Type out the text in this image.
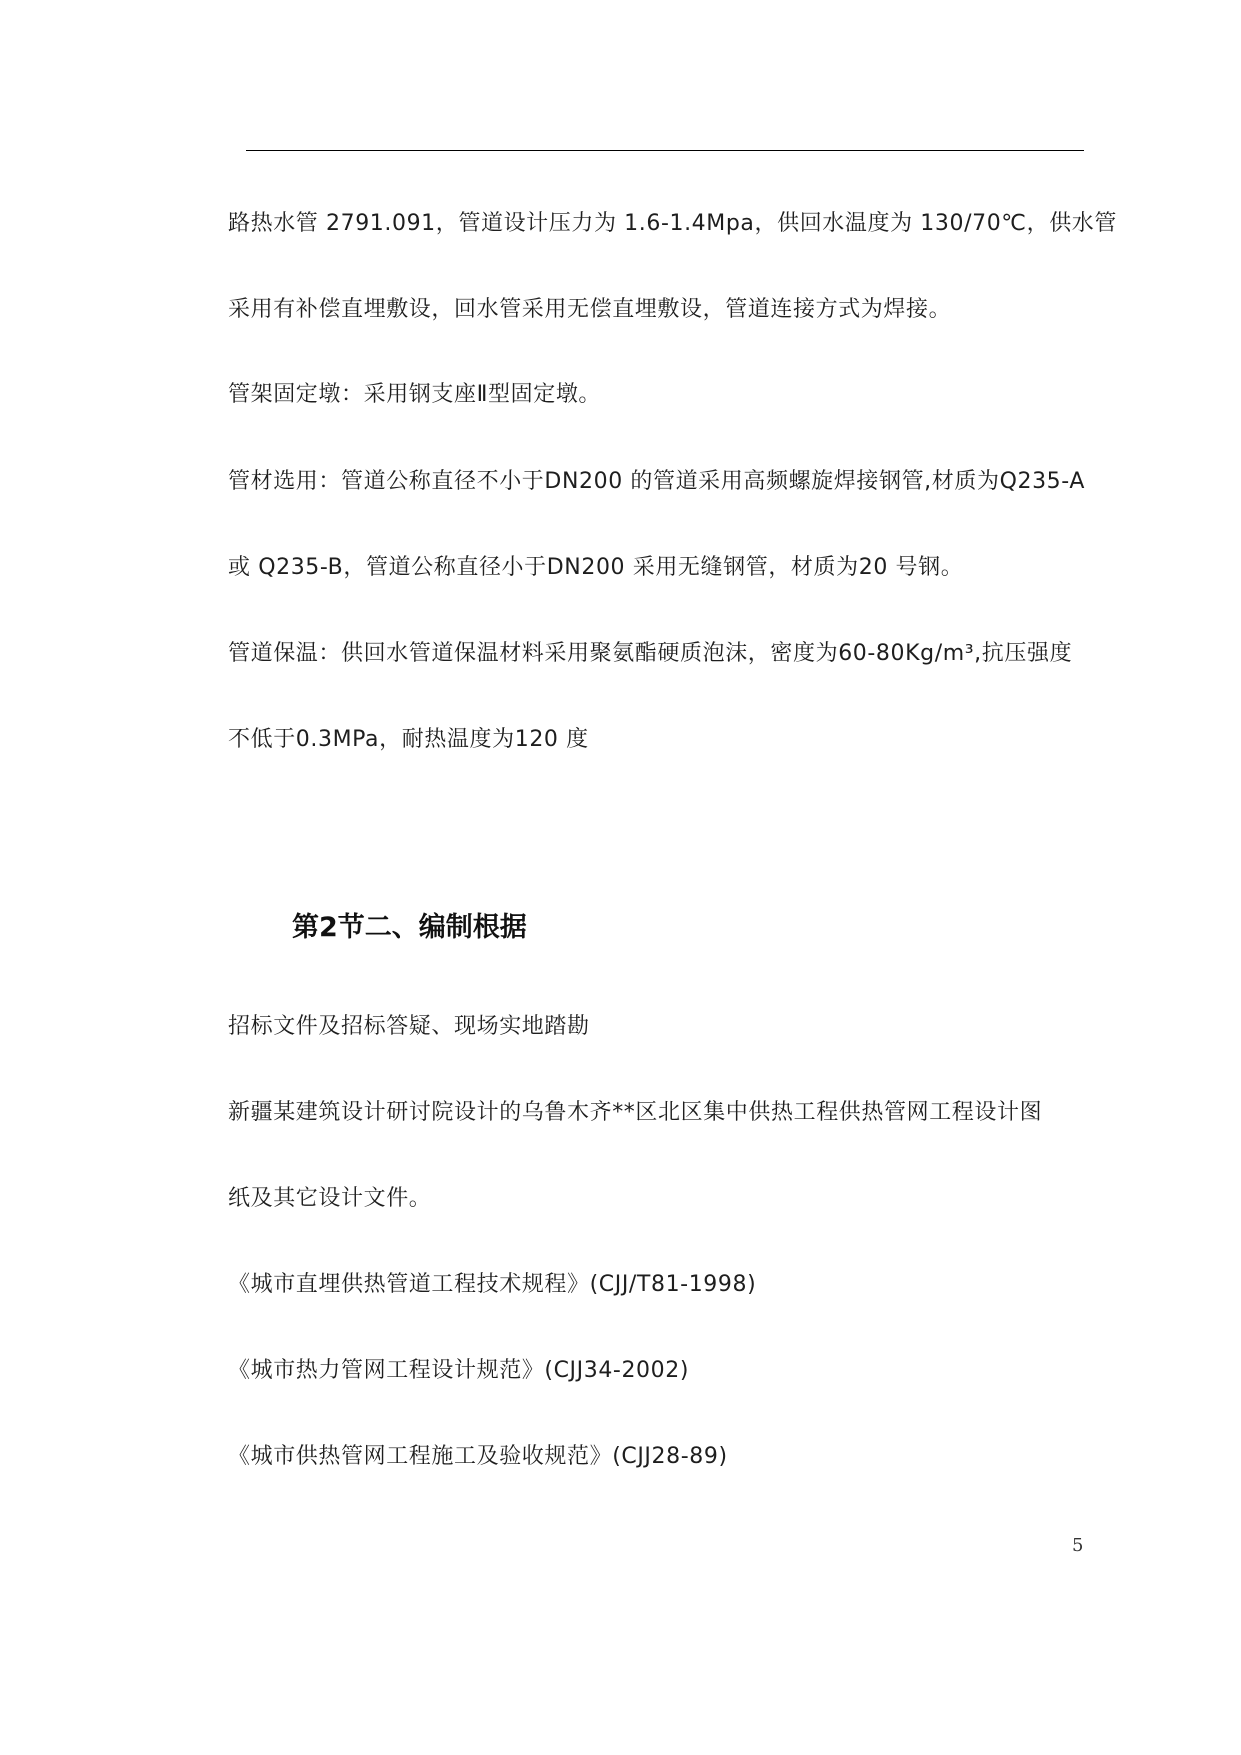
路热水管 2791.091，管道设计压力为 1.6-1.4Mpa，供回水温度为 130/70℃，供水管
采用有补偿直埋敷设，回水管采用无偿直埋敷设，管道连接方式为焊接。
管架固定墩：采用钢支座Ⅱ型固定墩。
管材选用：管道公称直径不小于DN200 的管道采用高频螺旋焊接钢管,材质为Q235-A
或 Q235-B，管道公称直径小于DN200 采用无缝钢管，材质为20 号钢。
管道保温：供回水管道保温材料采用聚氨酯硬质泡沫，密度为60-80Kg/m³,抗压强度
不低于0.3MPa，耐热温度为120 度
第2节二、编制根据
招标文件及招标答疑、现场实地踏勘
新疆某建筑设计研讨院设计的乌鲁木齐**区北区集中供热工程供热管网工程设计图
纸及其它设计文件。
《城市直埋供热管道工程技术规程》(CJJ/T81-1998)
《城市热力管网工程设计规范》(CJJ34-2002)
《城市供热管网工程施工及验收规范》(CJJ28-89)
5
